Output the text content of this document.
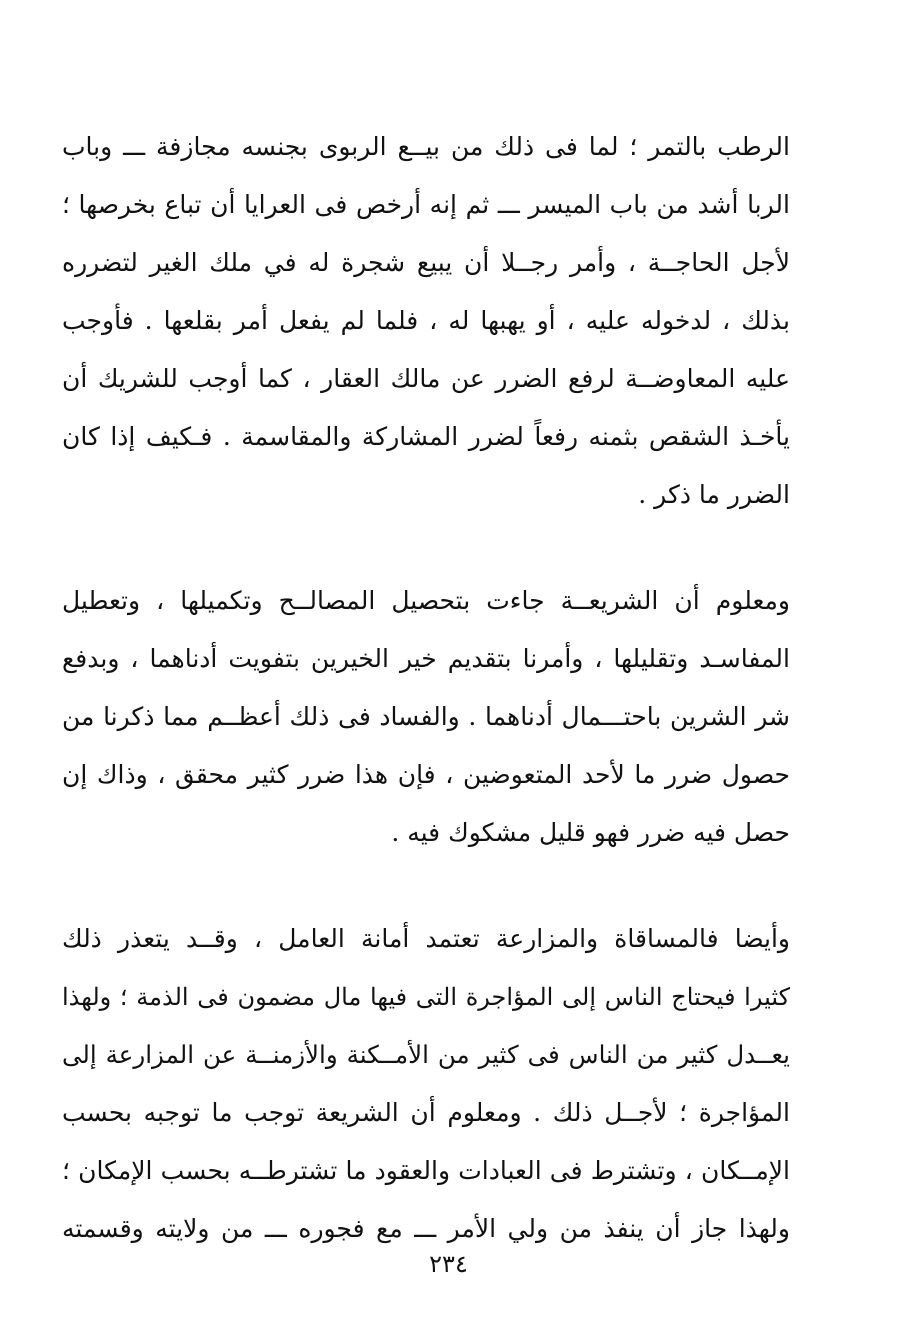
الرطب بالتمر ؛ لما فى ذلك من بيــع الربوى بجنسه مجازفة ـــ وباب
الربا أشد من باب الميسر ـــ ثم إنه أرخص فى العرايا أن تباع بخرصها ؛
لأجل الحاجــة ، وأمر رجــلا أن يبيع شجرة له في ملك الغير لتضرره
بذلك ، لدخوله عليه ، أو يهبها له ، فلما لم يفعل أمر بقلعها . فأوجب
عليه المعاوضــة لرفع الضرر عن مالك العقار ، كما أوجب للشريك أن
يأخـذ الشقص بثمنه رفعاً لضرر المشاركة والمقاسمة . فـكيف إذا كان
الضرر ما ذكر .
ومعلوم أن الشريعــة جاءت بتحصيل المصالــح وتكميلها ، وتعطيل
المفاسـد وتقليلها ، وأمرنا بتقديم خير الخيرين بتفويت أدناهما ، وبدفع
شر الشرين باحتـــمال أدناهما . والفساد فى ذلك أعظــم مما ذكرنا من
حصول ضرر ما لأحد المتعوضين ، فإن هذا ضرر كثير محقق ، وذاك إن
حصل فيه ضرر فهو قليل مشكوك فيه .
وأيضا فالمساقاة والمزارعة تعتمد أمانة العامل ، وقــد يتعذر ذلك
كثيرا فيحتاج الناس إلى المؤاجرة التى فيها مال مضمون فى الذمة ؛ ولهذا
يعــدل كثير من الناس فى كثير من الأمــكنة والأزمنــة عن المزارعة إلى
المؤاجرة ؛ لأجــل ذلك . ومعلوم أن الشريعة توجب ما توجبه بحسب
الإمــكان ، وتشترط فى العبادات والعقود ما تشترطــه بحسب الإمكان ؛
ولهذا جاز أن ينفذ من ولي الأمر ـــ مع فجوره ـــ من ولايته وقسمته
٢٣٤
